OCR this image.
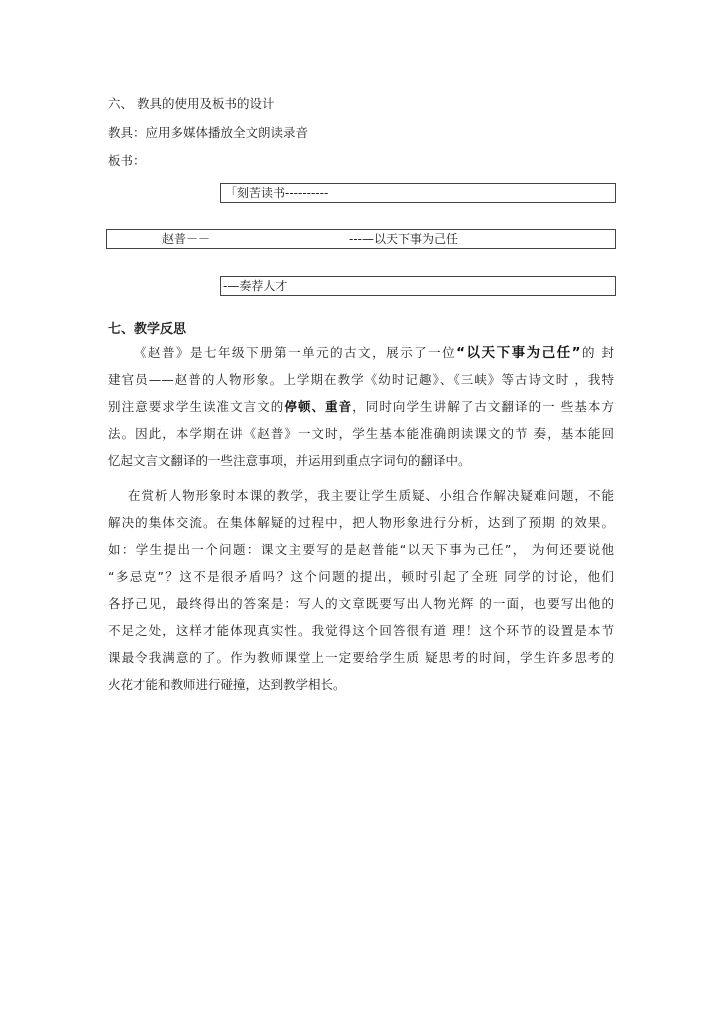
六、 教具的使用及板书的设计
教具：应用多媒体播放全文朗读录音
板书：
「刻苦读书----------
赵普－－	---—以天下事为己任
-—奏荐人才
七、教学反思
《赵普》是七年级下册第一单元的古文，展示了一位“以天下事为己任”的 封
建官员——赵普的人物形象。上学期在教学《幼时记趣》、《三峡》等古诗文时 ，我特
别注意要求学生读准文言文的停顿、重音，同时向学生讲解了古文翻译的一 些基本方
法。因此，本学期在讲《赵普》一文时，学生基本能准确朗读课文的节 奏，基本能回
忆起文言文翻译的一些注意事项，并运用到重点字词句的翻译中。
在赏析人物形象时本课的教学，我主要让学生质疑、小组合作解决疑难问题，不能
解决的集体交流。在集体解疑的过程中，把人物形象进行分析，达到了预期 的效果。
如：学生提出一个问题：课文主要写的是赵普能“以天下事为己任”， 为何还要说他
“多忌克”？这不是很矛盾吗？这个问题的提出，顿时引起了全班 同学的讨论，他们
各抒己见，最终得出的答案是：写人的文章既要写出人物光辉 的一面，也要写出他的
不足之处，这样才能体现真实性。我觉得这个回答很有道 理！这个环节的设置是本节
课最令我满意的了。作为教师课堂上一定要给学生质 疑思考的时间，学生许多思考的
火花才能和教师进行碰撞，达到教学相长。
